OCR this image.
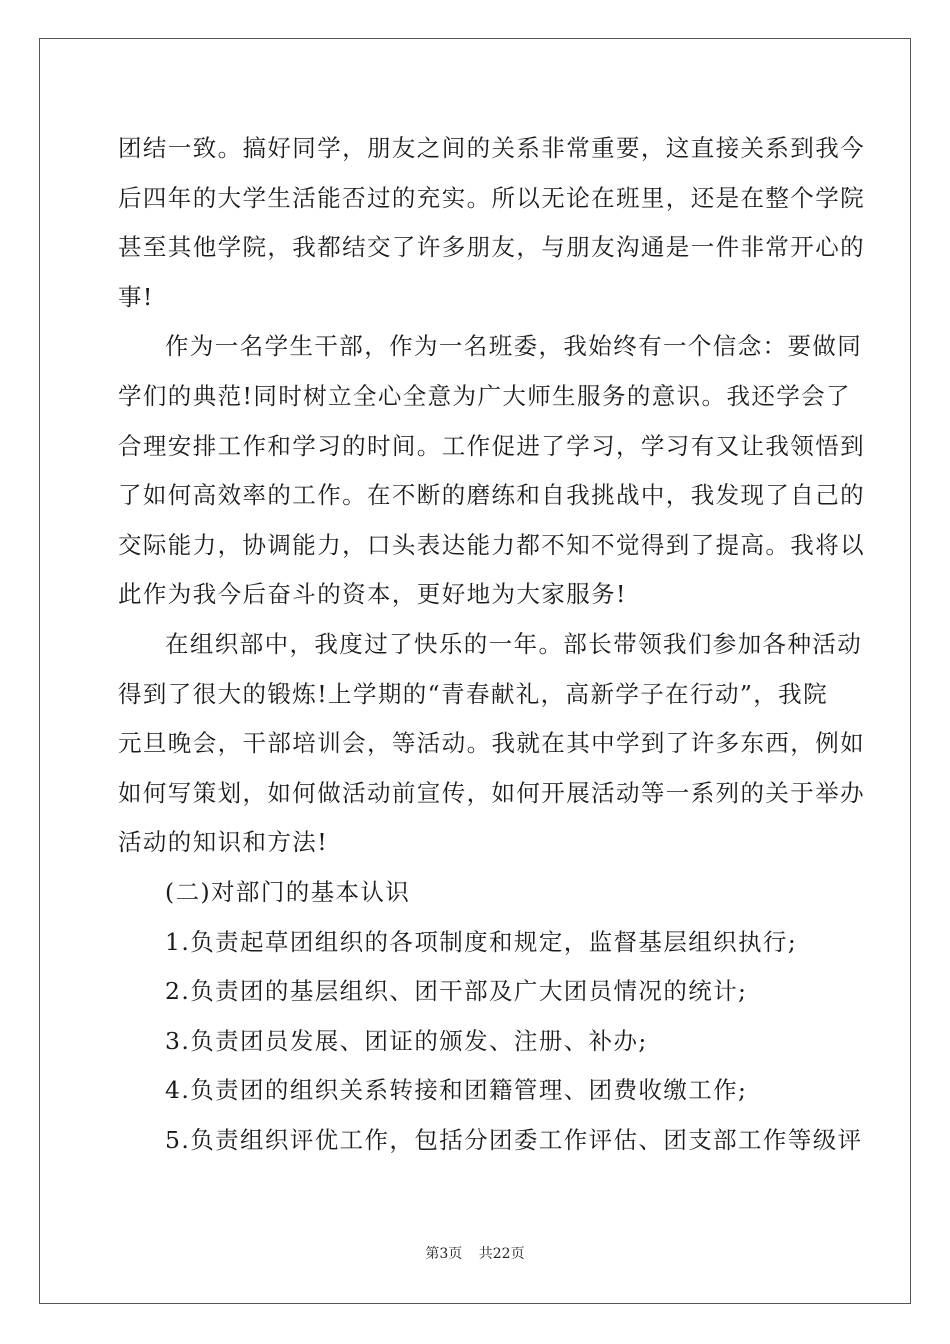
团结一致。搞好同学，朋友之间的关系非常重要，这直接关系到我今
后四年的大学生活能否过的充实。所以无论在班里，还是在整个学院
甚至其他学院，我都结交了许多朋友，与朋友沟通是一件非常开心的
事!
作为一名学生干部，作为一名班委，我始终有一个信念：要做同
学们的典范!同时树立全心全意为广大师生服务的意识。我还学会了
合理安排工作和学习的时间。工作促进了学习，学习有又让我领悟到
了如何高效率的工作。在不断的磨练和自我挑战中，我发现了自己的
交际能力，协调能力，口头表达能力都不知不觉得到了提高。我将以
此作为我今后奋斗的资本，更好地为大家服务!
在组织部中，我度过了快乐的一年。部长带领我们参加各种活动
得到了很大的锻炼!上学期的“青春献礼，高新学子在行动”，我院
元旦晚会，干部培训会，等活动。我就在其中学到了许多东西，例如
如何写策划，如何做活动前宣传，如何开展活动等一系列的关于举办
活动的知识和方法!
(二)对部门的基本认识
1.负责起草团组织的各项制度和规定，监督基层组织执行;
2.负责团的基层组织、团干部及广大团员情况的统计;
3.负责团员发展、团证的颁发、注册、补办;
4.负责团的组织关系转接和团籍管理、团费收缴工作;
5.负责组织评优工作，包括分团委工作评估、团支部工作等级评
第3页 共22页
